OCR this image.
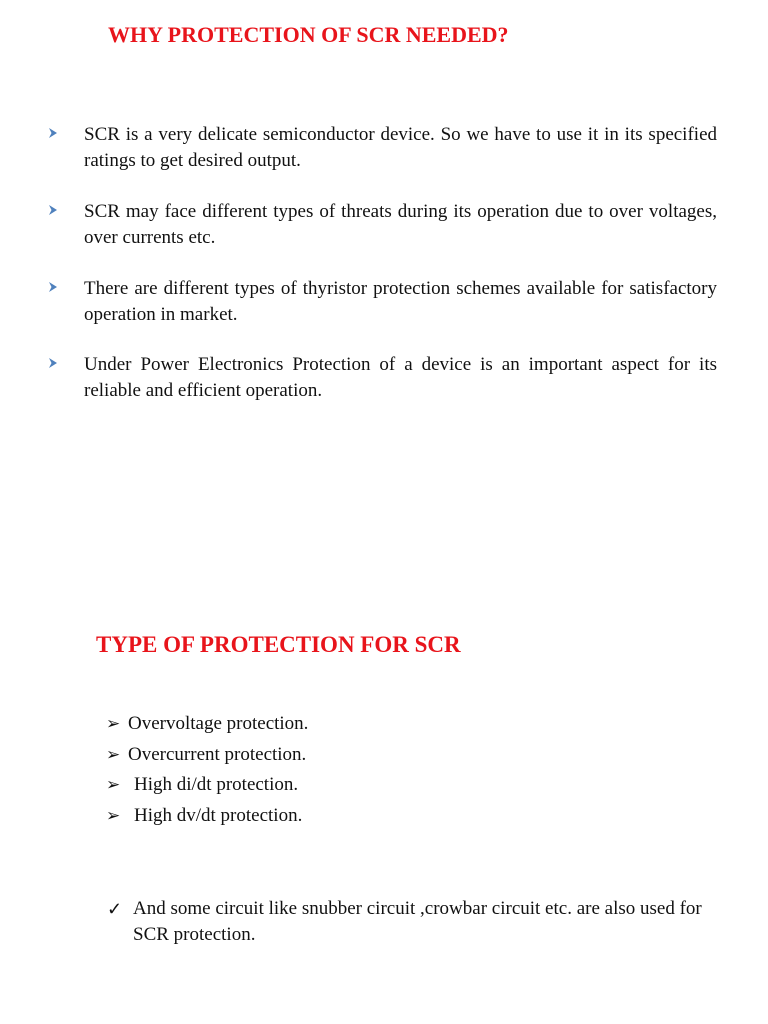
WHY PROTECTION OF SCR NEEDED?
SCR is a very delicate semiconductor device. So we have to use it in its specified ratings to get desired output.
SCR may face different types of threats during its operation due to over voltages, over currents etc.
There are different types of thyristor protection schemes available for satisfactory operation in market.
Under Power Electronics Protection of a device is an important aspect for its reliable and efficient operation.
TYPE OF PROTECTION FOR SCR
➢ Overvoltage protection.
➢ Overcurrent protection.
➢ High di/dt protection.
➢ High dv/dt protection.
✓ And some circuit like snubber circuit ,crowbar circuit etc. are also used for SCR protection.
